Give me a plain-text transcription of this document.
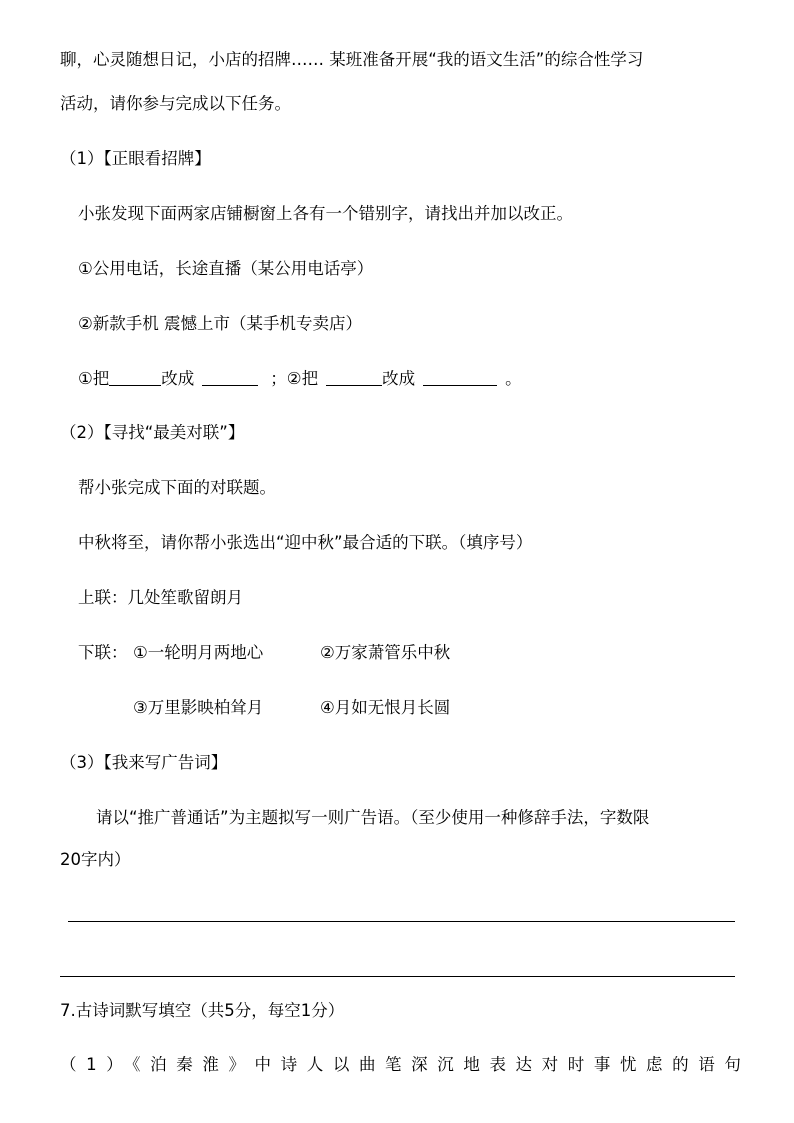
聊，心灵随想日记，小店的招牌…… 某班准备开展“我的语文生活”的综合性学习
活动，请你参与完成以下任务。
（1）【正眼看招牌】
小张发现下面两家店铺橱窗上各有一个错别字，请找出并加以改正。
①公用电话，长途直播（某公用电话亭）
②新款手机 震憾上市（某手机专卖店）
①把	改成	；②把	改成	。
（2）【寻找“最美对联”】
帮小张完成下面的对联题。
中秋将至，请你帮小张选出“迎中秋”最合适的下联。（填序号）
上联：几处笙歌留朗月
下联： ①一轮明月两地心	②万家萧管乐中秋
③万里影映柏耸月	④月如无恨月长圆
（3）【我来写广告词】
请以“推广普通话”为主题拟写一则广告语。（至少使用一种修辞手法，字数限
20字内）
7.古诗词默写填空（共5分，每空1分）
（1）《泊秦淮》中诗人以曲笔深沉地表达对时事忧虑的语句
